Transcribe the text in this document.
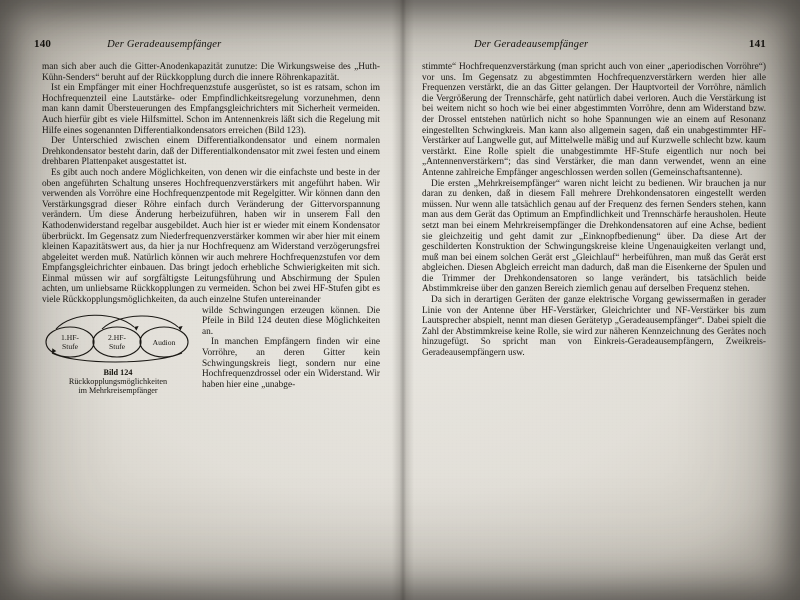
140	Der Geradeausempfänger

man sich aber auch die Gitter-Anodenkapazität zunutze: Die Wirkungsweise des „Huth-Kühn-Senders“ beruht auf der Rückkopplung durch die innere Röhrenkapazität.

Ist ein Empfänger mit einer Hochfrequenzstufe ausgerüstet, so ist es ratsam, schon im Hochfrequenzteil eine Lautstärke- oder Empfindlichkeitsregelung vorzunehmen, denn man kann damit Übersteuerungen des Empfangsgleichrichters mit Sicherheit vermeiden. Auch hierfür gibt es viele Hilfsmittel. Schon im Antennenkreis läßt sich die Regelung mit Hilfe eines sogenannten Differentialkondensators erreichen (Bild 123).

Der Unterschied zwischen einem Differentialkondensator und einem normalen Drehkondensator besteht darin, daß der Differentialkondensator mit zwei festen und einem drehbaren Plattenpaket ausgestattet ist.

Es gibt auch noch andere Möglichkeiten, von denen wir die einfachste und beste in der oben angeführten Schaltung unseres Hochfrequenzverstärkers mit angeführt haben. Wir verwenden als Vorröhre eine Hochfrequenzpentode mit Regelgitter. Wir können dann den Verstärkungsgrad dieser Röhre einfach durch Veränderung der Gittervorspannung verändern. Um diese Änderung herbeizuführen, haben wir in unserem Fall den Kathodenwiderstand regelbar ausgebildet. Auch hier ist er wieder mit einem Kondensator überbrückt. Im Gegensatz zum Niederfrequenzverstärker kommen wir aber hier mit einem kleinen Kapazitätswert aus, da hier ja nur Hochfrequenz am Widerstand verzögerungsfrei abgeleitet werden muß. Natürlich können wir auch mehrere Hochfrequenzstufen vor dem Empfangsgleichrichter einbauen. Das bringt jedoch erhebliche Schwierigkeiten mit sich. Einmal müssen wir auf sorgfältigste Leitungsführung und Abschirmung der Spulen achten, um unliebsame Rückkopplungen zu vermeiden. Schon bei zwei HF-Stufen gibt es viele Rückkopplungsmöglichkeiten, da auch einzelne Stufen untereinander

1.HF-
Stufe
2.HF-
Stufe	Audion
Bild 124
Rückkopplungsmöglichkeiten
im Mehrkreisempfänger

wilde Schwingungen erzeugen können. Die Pfeile in Bild 124 deuten diese Möglichkeiten an.

In manchen Empfängern finden wir eine Vorröhre, an deren Gitter kein Schwingungskreis liegt, sondern nur eine Hochfrequenzdrossel oder ein Widerstand. Wir haben hier eine „unabge-

Der Geradeausempfänger	141

stimmte“ Hochfrequenzverstärkung (man spricht auch von einer „aperiodischen Vorröhre“) vor uns. Im Gegensatz zu abgestimmten Hochfrequenzverstärkern werden hier alle Frequenzen verstärkt, die an das Gitter gelangen. Der Hauptvorteil der Vorröhre, nämlich die Vergrößerung der Trennschärfe, geht natürlich dabei verloren. Auch die Verstärkung ist bei weitem nicht so hoch wie bei einer abgestimmten Vorröhre, denn am Widerstand bzw. der Drossel entstehen natürlich nicht so hohe Spannungen wie an einem auf Resonanz eingestellten Schwingkreis. Man kann also allgemein sagen, daß ein unabgestimmter HF-Verstärker auf Langwelle gut, auf Mittelwelle mäßig und auf Kurzwelle schlecht bzw. kaum verstärkt. Eine Rolle spielt die unabgestimmte HF-Stufe eigentlich nur noch bei „Antennenverstärkern“; das sind Verstärker, die man dann verwendet, wenn an eine Antenne zahlreiche Empfänger angeschlossen werden sollen (Gemeinschaftsantenne).

Die ersten „Mehrkreisempfänger“ waren nicht leicht zu bedienen. Wir brauchen ja nur daran zu denken, daß in diesem Fall mehrere Drehkondensatoren eingestellt werden müssen. Nur wenn alle tatsächlich genau auf der Frequenz des fernen Senders stehen, kann man aus dem Gerät das Optimum an Empfindlichkeit und Trennschärfe herausholen. Heute setzt man bei einem Mehrkreisempfänger die Drehkondensatoren auf eine Achse, bedient sie gleichzeitig und geht damit zur „Einknopfbedienung“ über. Da diese Art der geschilderten Konstruktion der Schwingungskreise kleine Ungenauigkeiten verlangt und, muß man bei einem solchen Gerät erst „Gleichlauf“ herbeiführen, man muß das Gerät erst abgleichen. Diesen Abgleich erreicht man dadurch, daß man die Eisenkerne der Spulen und die Trimmer der Drehkondensatoren so lange verändert, bis tatsächlich beide Abstimmkreise über den ganzen Bereich ziemlich genau auf derselben Frequenz stehen.

Da sich in derartigen Geräten der ganze elektrische Vorgang gewissermaßen in gerader Linie von der Antenne über HF-Verstärker, Gleichrichter und NF-Verstärker bis zum Lautsprecher abspielt, nennt man diesen Gerätetyp „Geradeausempfänger“. Dabei spielt die Zahl der Abstimmkreise keine Rolle, sie wird zur näheren Kennzeichnung des Gerätes noch hinzugefügt. So spricht man von Einkreis-Geradeausempfängern, Zweikreis-Geradeausempfängern usw.
